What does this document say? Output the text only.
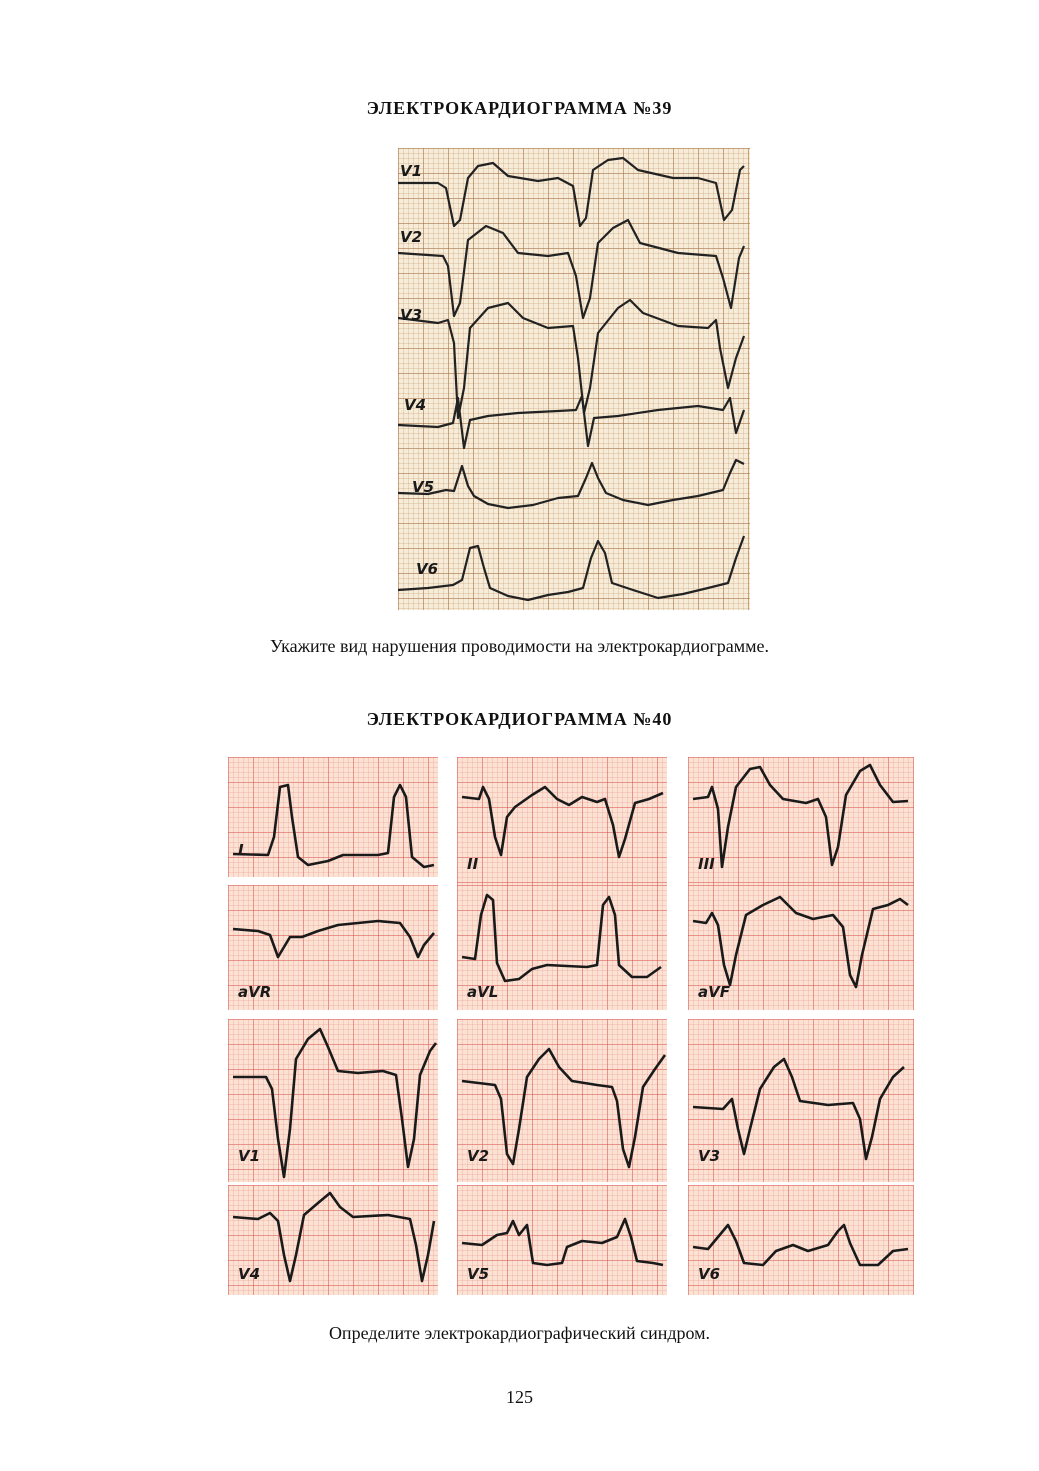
ЭЛЕКТРОКАРДИОГРАММА №39

V1
V2
V3
V4
V5
V6

Укажите вид нарушения проводимости на электрокардиограмме.

ЭЛЕКТРОКАРДИОГРАММА №40

I
II	III
aVR	aVL	aVF
V1	V2	V3
V4	V5	V6

Определите электрокардиографический синдром.

125
